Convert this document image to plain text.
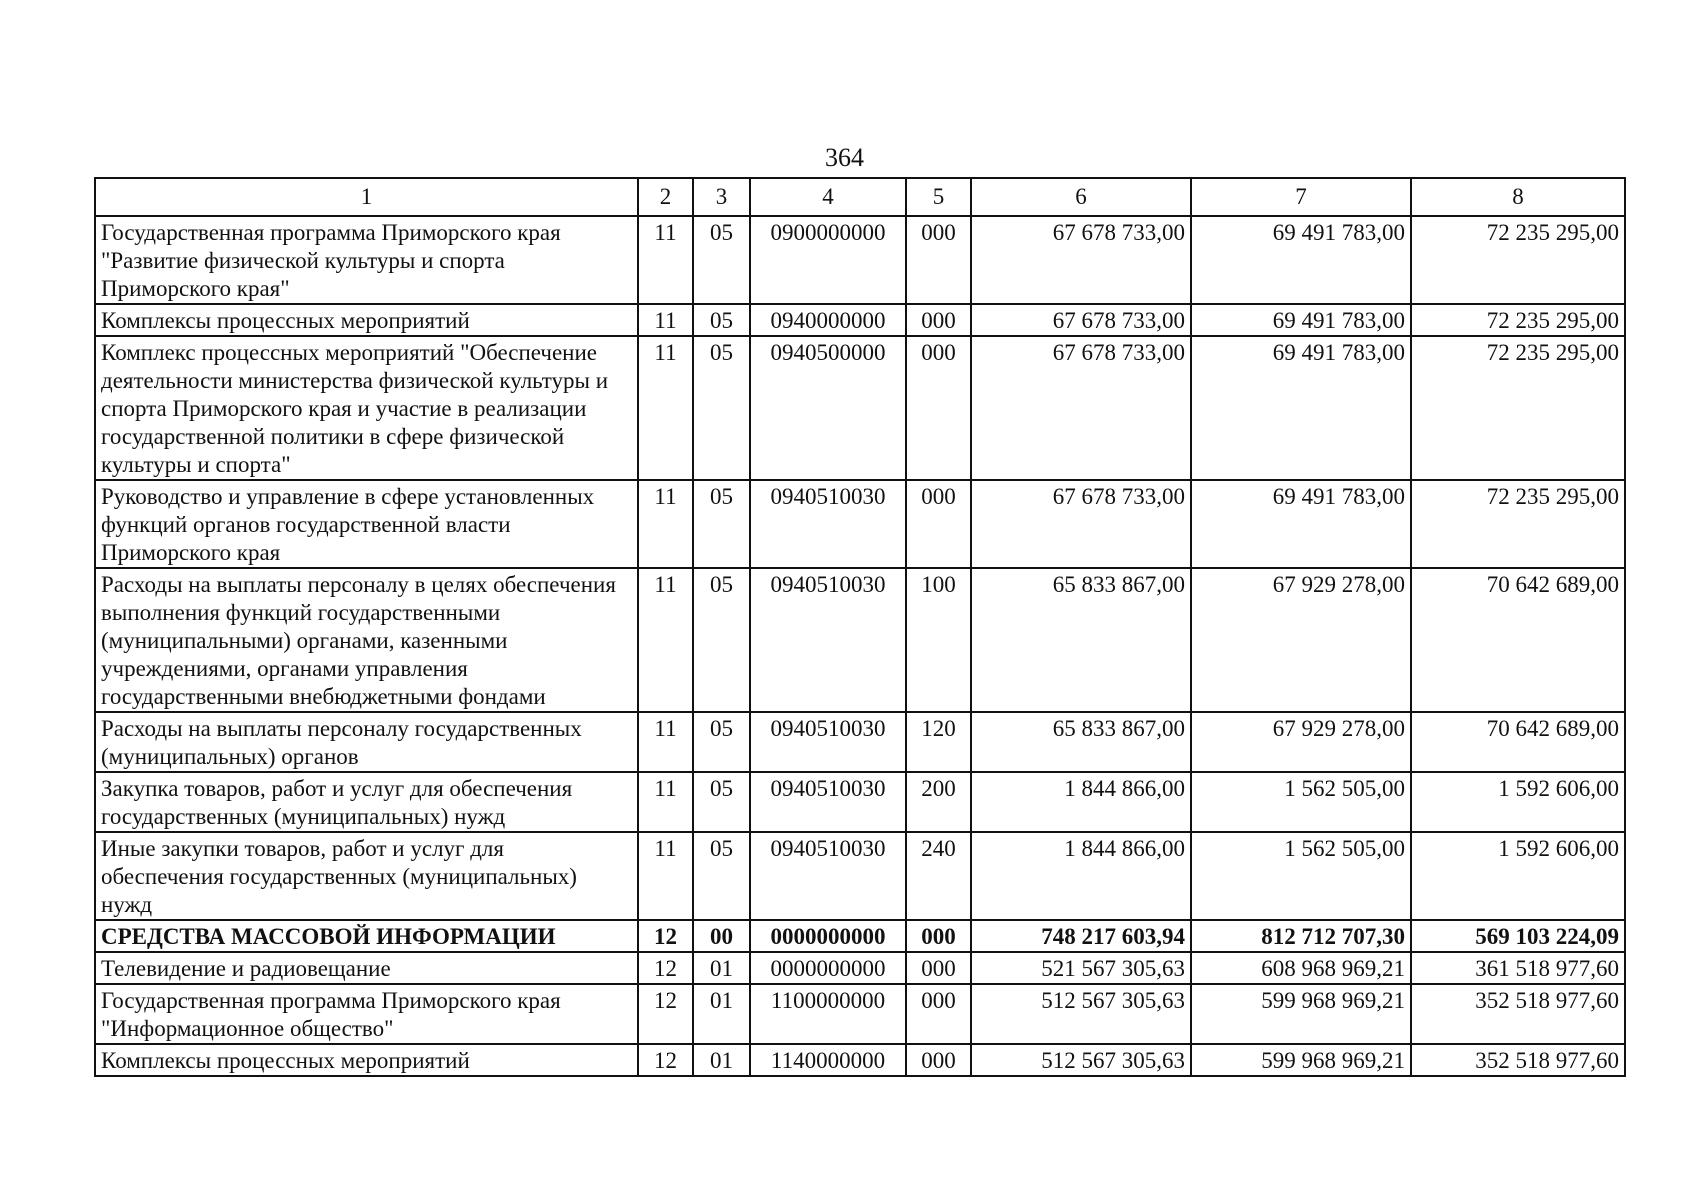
364
1	2	3	4	5	6	7	8
Государственная программа Приморского края "Развитие физической культуры и спорта Приморского края"	11	05	0900000000	000	67 678 733,00	69 491 783,00	72 235 295,00
Комплексы процессных мероприятий	11	05	0940000000	000	67 678 733,00	69 491 783,00	72 235 295,00
Комплекс процессных мероприятий "Обеспечение деятельности министерства физической культуры и спорта Приморского края и участие в реализации государственной политики в сфере физической культуры и спорта"	11	05	0940500000	000	67 678 733,00	69 491 783,00	72 235 295,00
Руководство и управление в сфере установленных функций органов государственной власти Приморского края	11	05	0940510030	000	67 678 733,00	69 491 783,00	72 235 295,00
Расходы на выплаты персоналу в целях обеспечения выполнения функций государственными (муниципальными) органами, казенными учреждениями, органами управления государственными внебюджетными фондами	11	05	0940510030	100	65 833 867,00	67 929 278,00	70 642 689,00
Расходы на выплаты персоналу государственных (муниципальных) органов	11	05	0940510030	120	65 833 867,00	67 929 278,00	70 642 689,00
Закупка товаров, работ и услуг для обеспечения государственных (муниципальных) нужд	11	05	0940510030	200	1 844 866,00	1 562 505,00	1 592 606,00
Иные закупки товаров, работ и услуг для обеспечения государственных (муниципальных) нужд	11	05	0940510030	240	1 844 866,00	1 562 505,00	1 592 606,00
СРЕДСТВА МАССОВОЙ ИНФОРМАЦИИ	12	00	0000000000	000	748 217 603,94	812 712 707,30	569 103 224,09
Телевидение и радиовещание	12	01	0000000000	000	521 567 305,63	608 968 969,21	361 518 977,60
Государственная программа Приморского края "Информационное общество"	12	01	1100000000	000	512 567 305,63	599 968 969,21	352 518 977,60
Комплексы процессных мероприятий	12	01	1140000000	000	512 567 305,63	599 968 969,21	352 518 977,60
